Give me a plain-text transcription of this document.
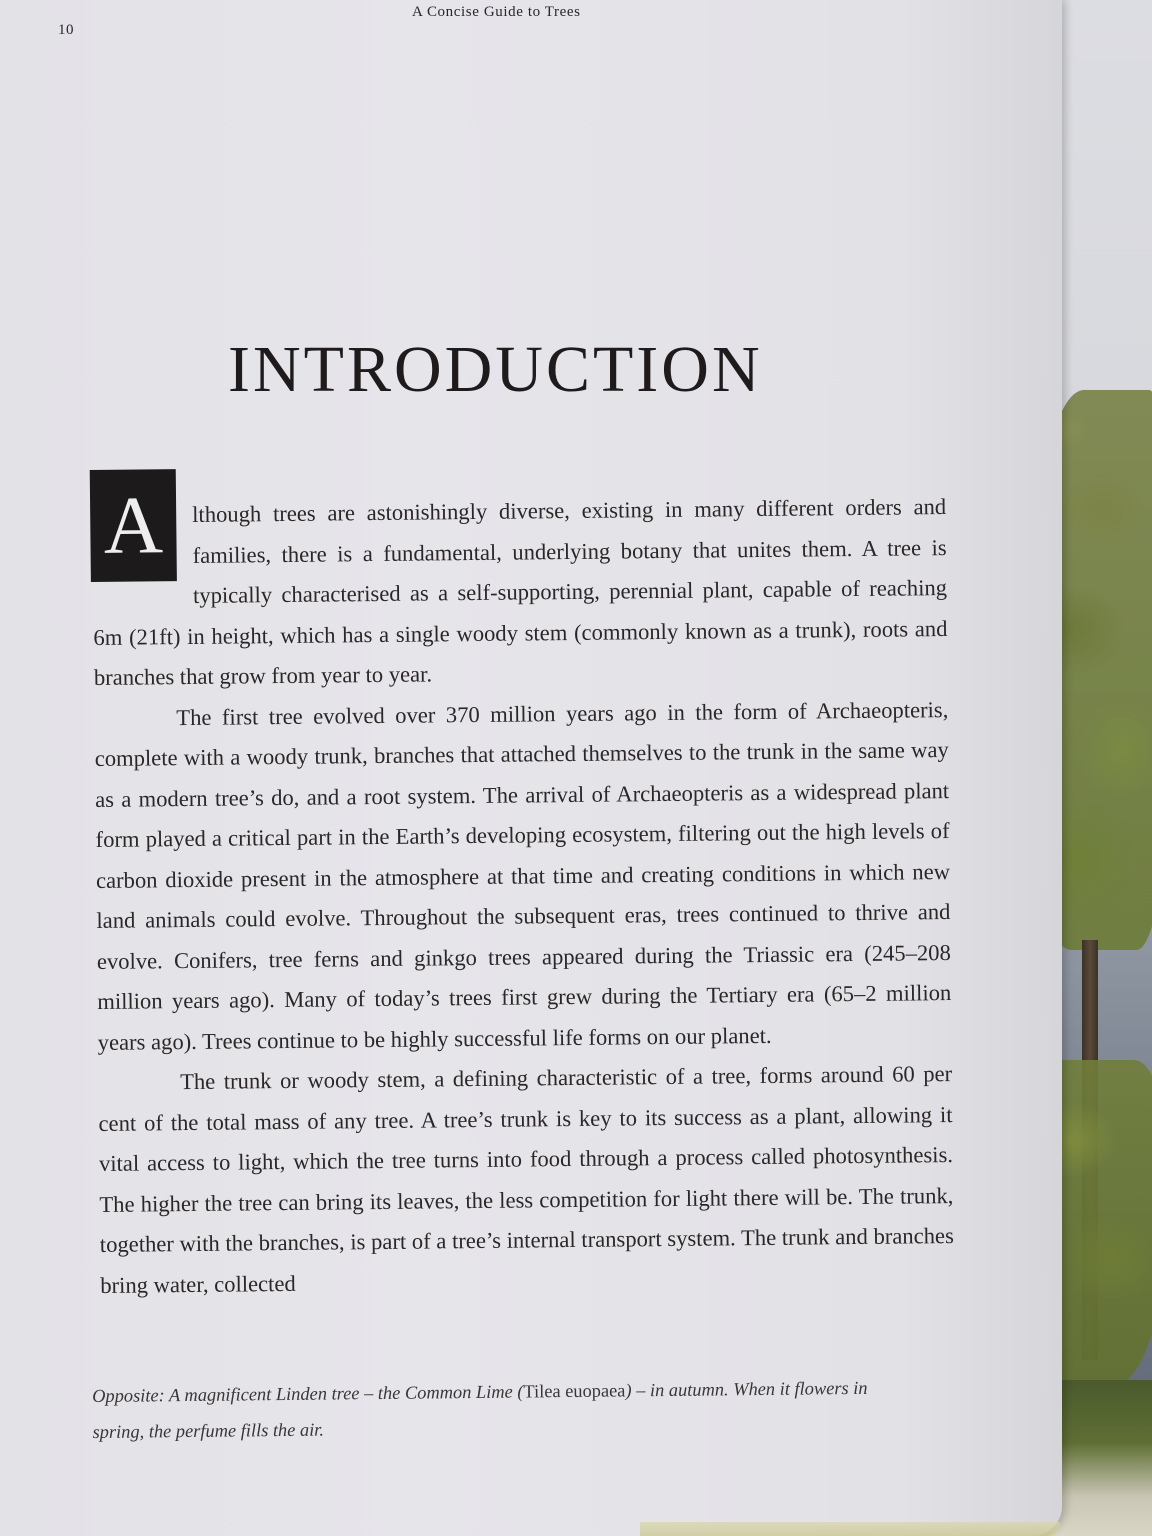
10
A Concise Guide to Trees
INTRODUCTION

A	lthough trees are astonishingly diverse, existing in many different orders and families, there is a fundamental, underlying botany that unites them. A tree is typically characterised as a self-supporting, perennial plant, capable of reaching 6m (21ft) in height, which has a single woody stem (commonly known as a trunk), roots and branches that grow from year to year.

The first tree evolved over 370 million years ago in the form of Archaeopteris, complete with a woody trunk, branches that attached themselves to the trunk in the same way as a modern tree’s do, and a root system. The arrival of Archaeopteris as a widespread plant form played a critical part in the Earth’s developing ecosystem, filtering out the high levels of carbon dioxide present in the atmosphere at that time and creating conditions in which new land animals could evolve. Throughout the subsequent eras, trees continued to thrive and evolve. Conifers, tree ferns and ginkgo trees appeared during the Triassic era (245–208 million years ago). Many of today’s trees first grew during the Tertiary era (65–2 million years ago). Trees continue to be highly successful life forms on our planet.

The trunk or woody stem, a defining characteristic of a tree, forms around 60 per cent of the total mass of any tree. A tree’s trunk is key to its success as a plant, allowing it vital access to light, which the tree turns into food through a process called photosynthesis. The higher the tree can bring its leaves, the less competition for light there will be. The trunk, together with the branches, is part of a tree’s internal transport system. The trunk and branches bring water, collected

Opposite: A magnificent Linden tree – the Common Lime (Tilea euopaea) – in autumn. When it flowers in spring, the perfume fills the air.
